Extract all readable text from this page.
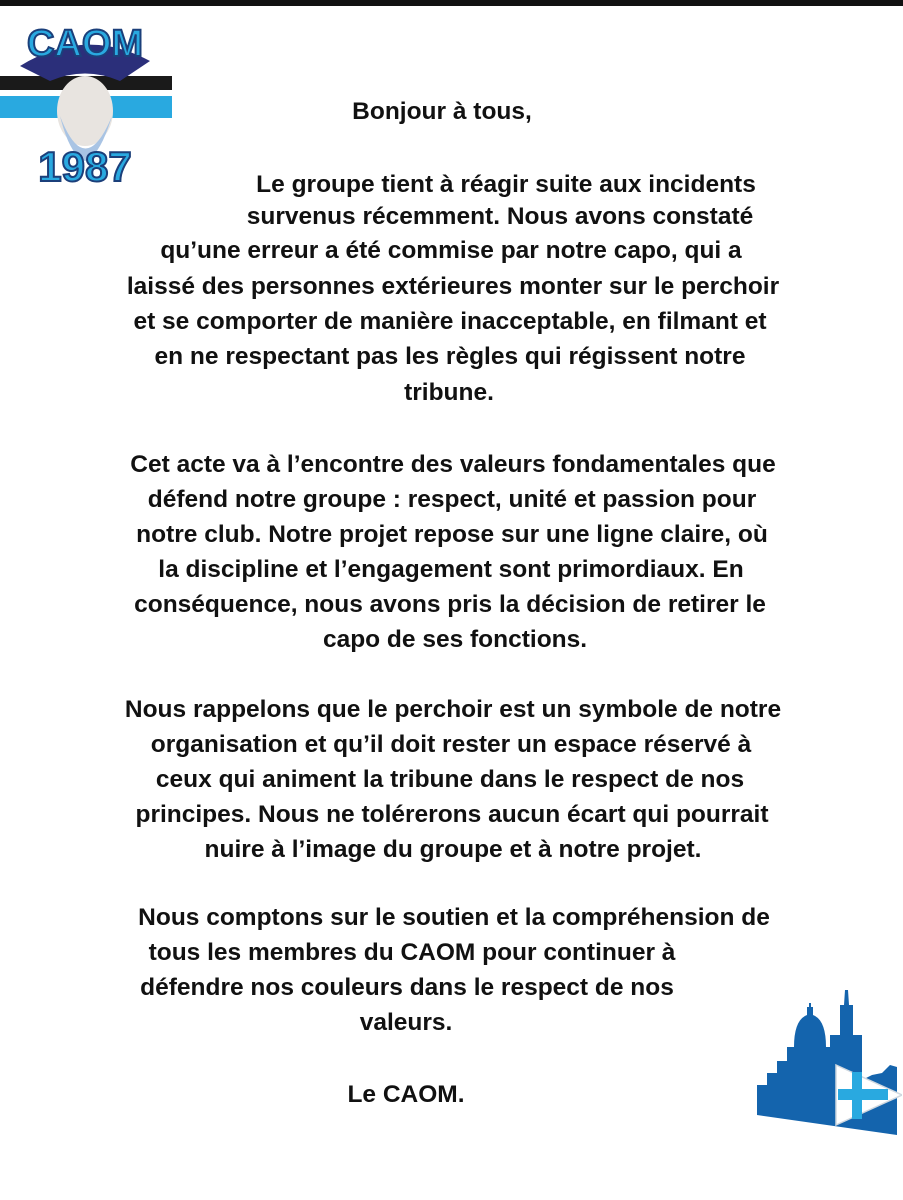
CAOM
1987
Bonjour à tous,
Le groupe tient à réagir suite aux incidents
survenus récemment. Nous avons constaté
qu’une erreur a été commise par notre capo, qui a
laissé des personnes extérieures monter sur le perchoir
et se comporter de manière inacceptable, en filmant et
en ne respectant pas les règles qui régissent notre
tribune.
Cet acte va à l’encontre des valeurs fondamentales que
défend notre groupe : respect, unité et passion pour
notre club. Notre projet repose sur une ligne claire, où
la discipline et l’engagement sont primordiaux. En
conséquence, nous avons pris la décision de retirer le
capo de ses fonctions.
Nous rappelons que le perchoir est un symbole de notre
organisation et qu’il doit rester un espace réservé à
ceux qui animent la tribune dans le respect de nos
principes. Nous ne tolérerons aucun écart qui pourrait
nuire à l’image du groupe et à notre projet.
Nous comptons sur le soutien et la compréhension de
tous les membres du CAOM pour continuer à
défendre nos couleurs dans le respect de nos
valeurs.
Le CAOM.
